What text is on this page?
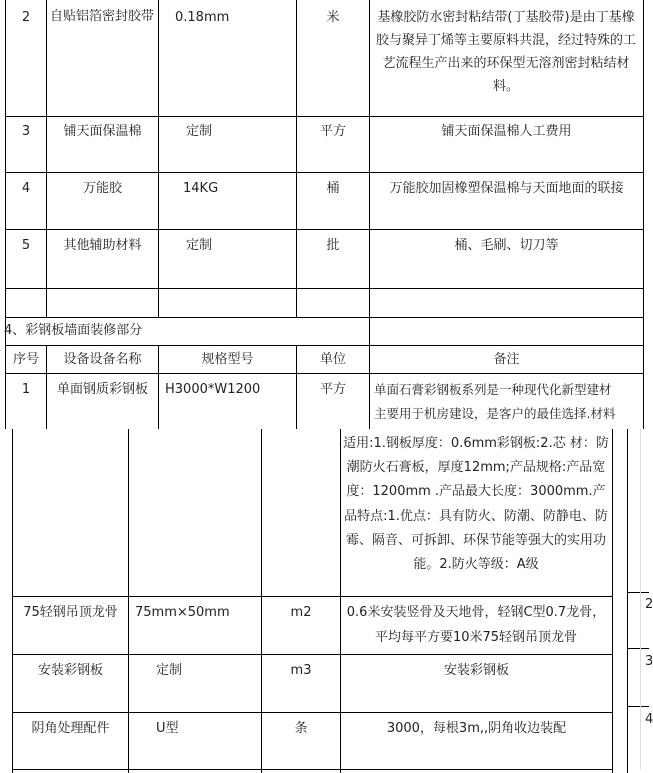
2	自贴铝箔密封胶带 0.18mm	米	基橡胶防水密封粘结带(丁基胶带)是由丁基橡胶与聚异丁烯等主要原料共混，经过特殊的工艺流程生产出来的环保型无溶剂密封粘结材料。
3	铺天面保温棉	定制	平方	铺天面保温棉人工费用
4	万能胶	14KG	桶	万能胶加固橡塑保温棉与天面地面的联接
5	其他辅助材料	定制	批	桶、毛刷、切刀等
4、彩钢板墙面装修部分
序号	设备设备名称	规格型号	单位	备注
1	单面钢质彩钢板	H3000*W1200	平方	单面石膏彩钢板系列是一种现代化新型建材
主要用于机房建设，是客户的最佳选择.材料
适用:1.钢板厚度：0.6mm彩钢板:2.芯 材：防潮防火石膏板，厚度12mm;产品规格:产品宽度：1200mm .产品最大长度：3000mm.产品特点:1.优点：具有防火、防潮、防静电、防霉、隔音、可拆卸、环保节能等强大的实用功能。2.防火等级：A级
75轻钢吊顶龙骨	75mm×50mm	m2	0.6米安装竖骨及天地骨，轻钢C型0.7龙骨，平均每平方要10米75轻钢吊顶龙骨
安装彩钢板	定制	m3	安装彩钢板
阴角处理配件	U型	条	3000，每根3m,,阴角收边装配
2
3
4
